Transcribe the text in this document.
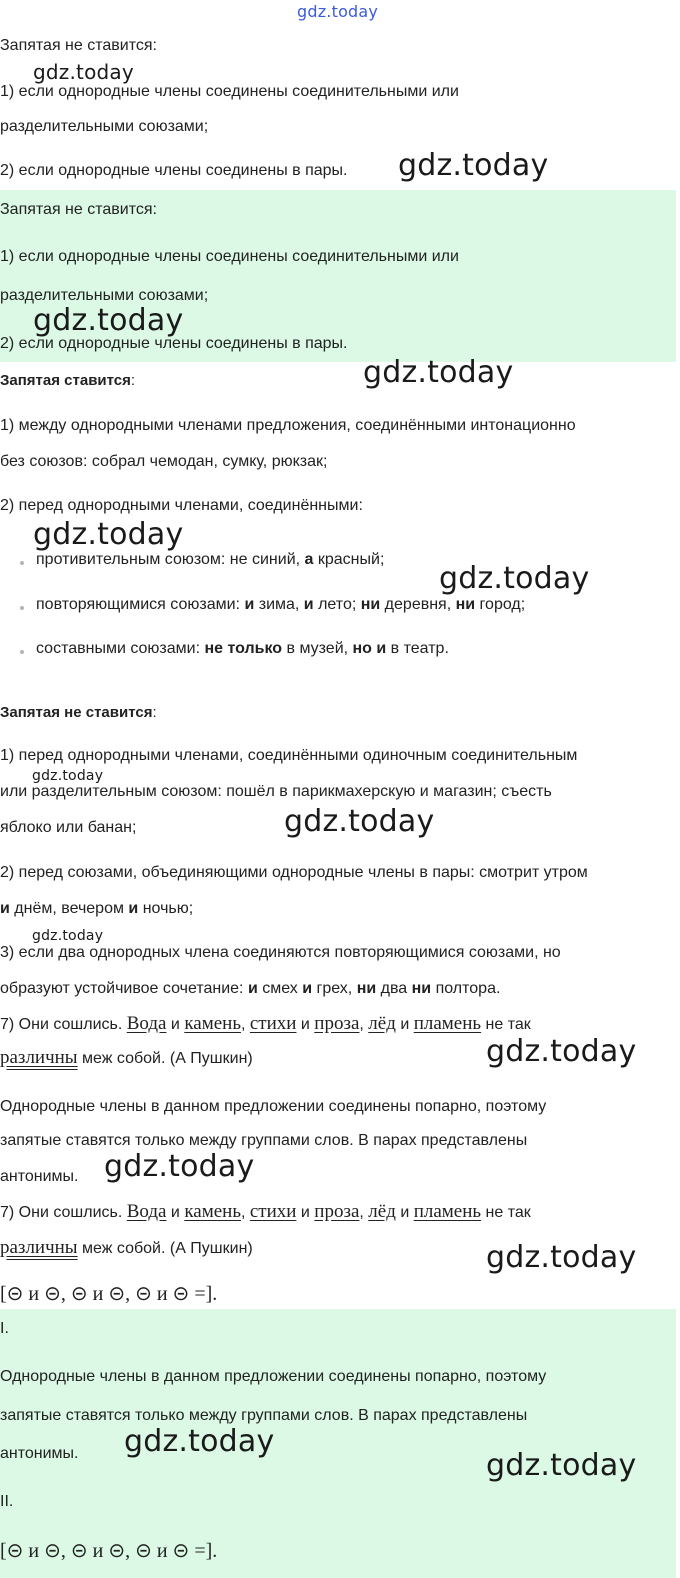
gdz.today
gdz.today
gdz.today
gdz.today
gdz.today
gdz.today
gdz.today
gdz.today
gdz.today
gdz.today
gdz.today
gdz.today
gdz.today
gdz.today
gdz.today
Запятая не ставится:
1) если однородные члены соединены соединительными или
разделительными союзами;
2) если однородные члены соединены в пары.
Запятая не ставится:
1) если однородные члены соединены соединительными или
разделительными союзами;
2) если однородные члены соединены в пары.
Запятая ставится:
1) между однородными членами предложения, соединёнными интонационно
без союзов: собрал чемодан, сумку, рюкзак;
2) перед однородными членами, соединёнными:
противительным союзом: не синий, а красный;
повторяющимися союзами: и зима, и лето; ни деревня, ни город;
составными союзами: не только в музей, но и в театр.
Запятая не ставится:
1) перед однородными членами, соединёнными одиночным соединительным
или разделительным союзом: пошёл в парикмахерскую и магазин; съесть
яблоко или банан;
2) перед союзами, объединяющими однородные члены в пары: смотрит утром
и днём, вечером и ночью;
3) если два однородных члена соединяются повторяющимися союзами, но
образуют устойчивое сочетание: и смех и грех, ни два ни полтора.
7) Они сошлись. Вода и камень, стихи и проза, лёд и пламень не так
различны меж собой. (А Пушкин)
Однородные члены в данном предложении соединены попарно, поэтому
запятые ставятся только между группами слов. В парах представлены
антонимы.
7) Они сошлись. Вода и камень, стихи и проза, лёд и пламень не так
различны меж собой. (А Пушкин)
[⊝ и ⊝, ⊝ и ⊝, ⊝ и ⊝ =].
I.
Однородные члены в данном предложении соединены попарно, поэтому
запятые ставятся только между группами слов. В парах представлены
антонимы.
II.
[⊝ и ⊝, ⊝ и ⊝, ⊝ и ⊝ =].
